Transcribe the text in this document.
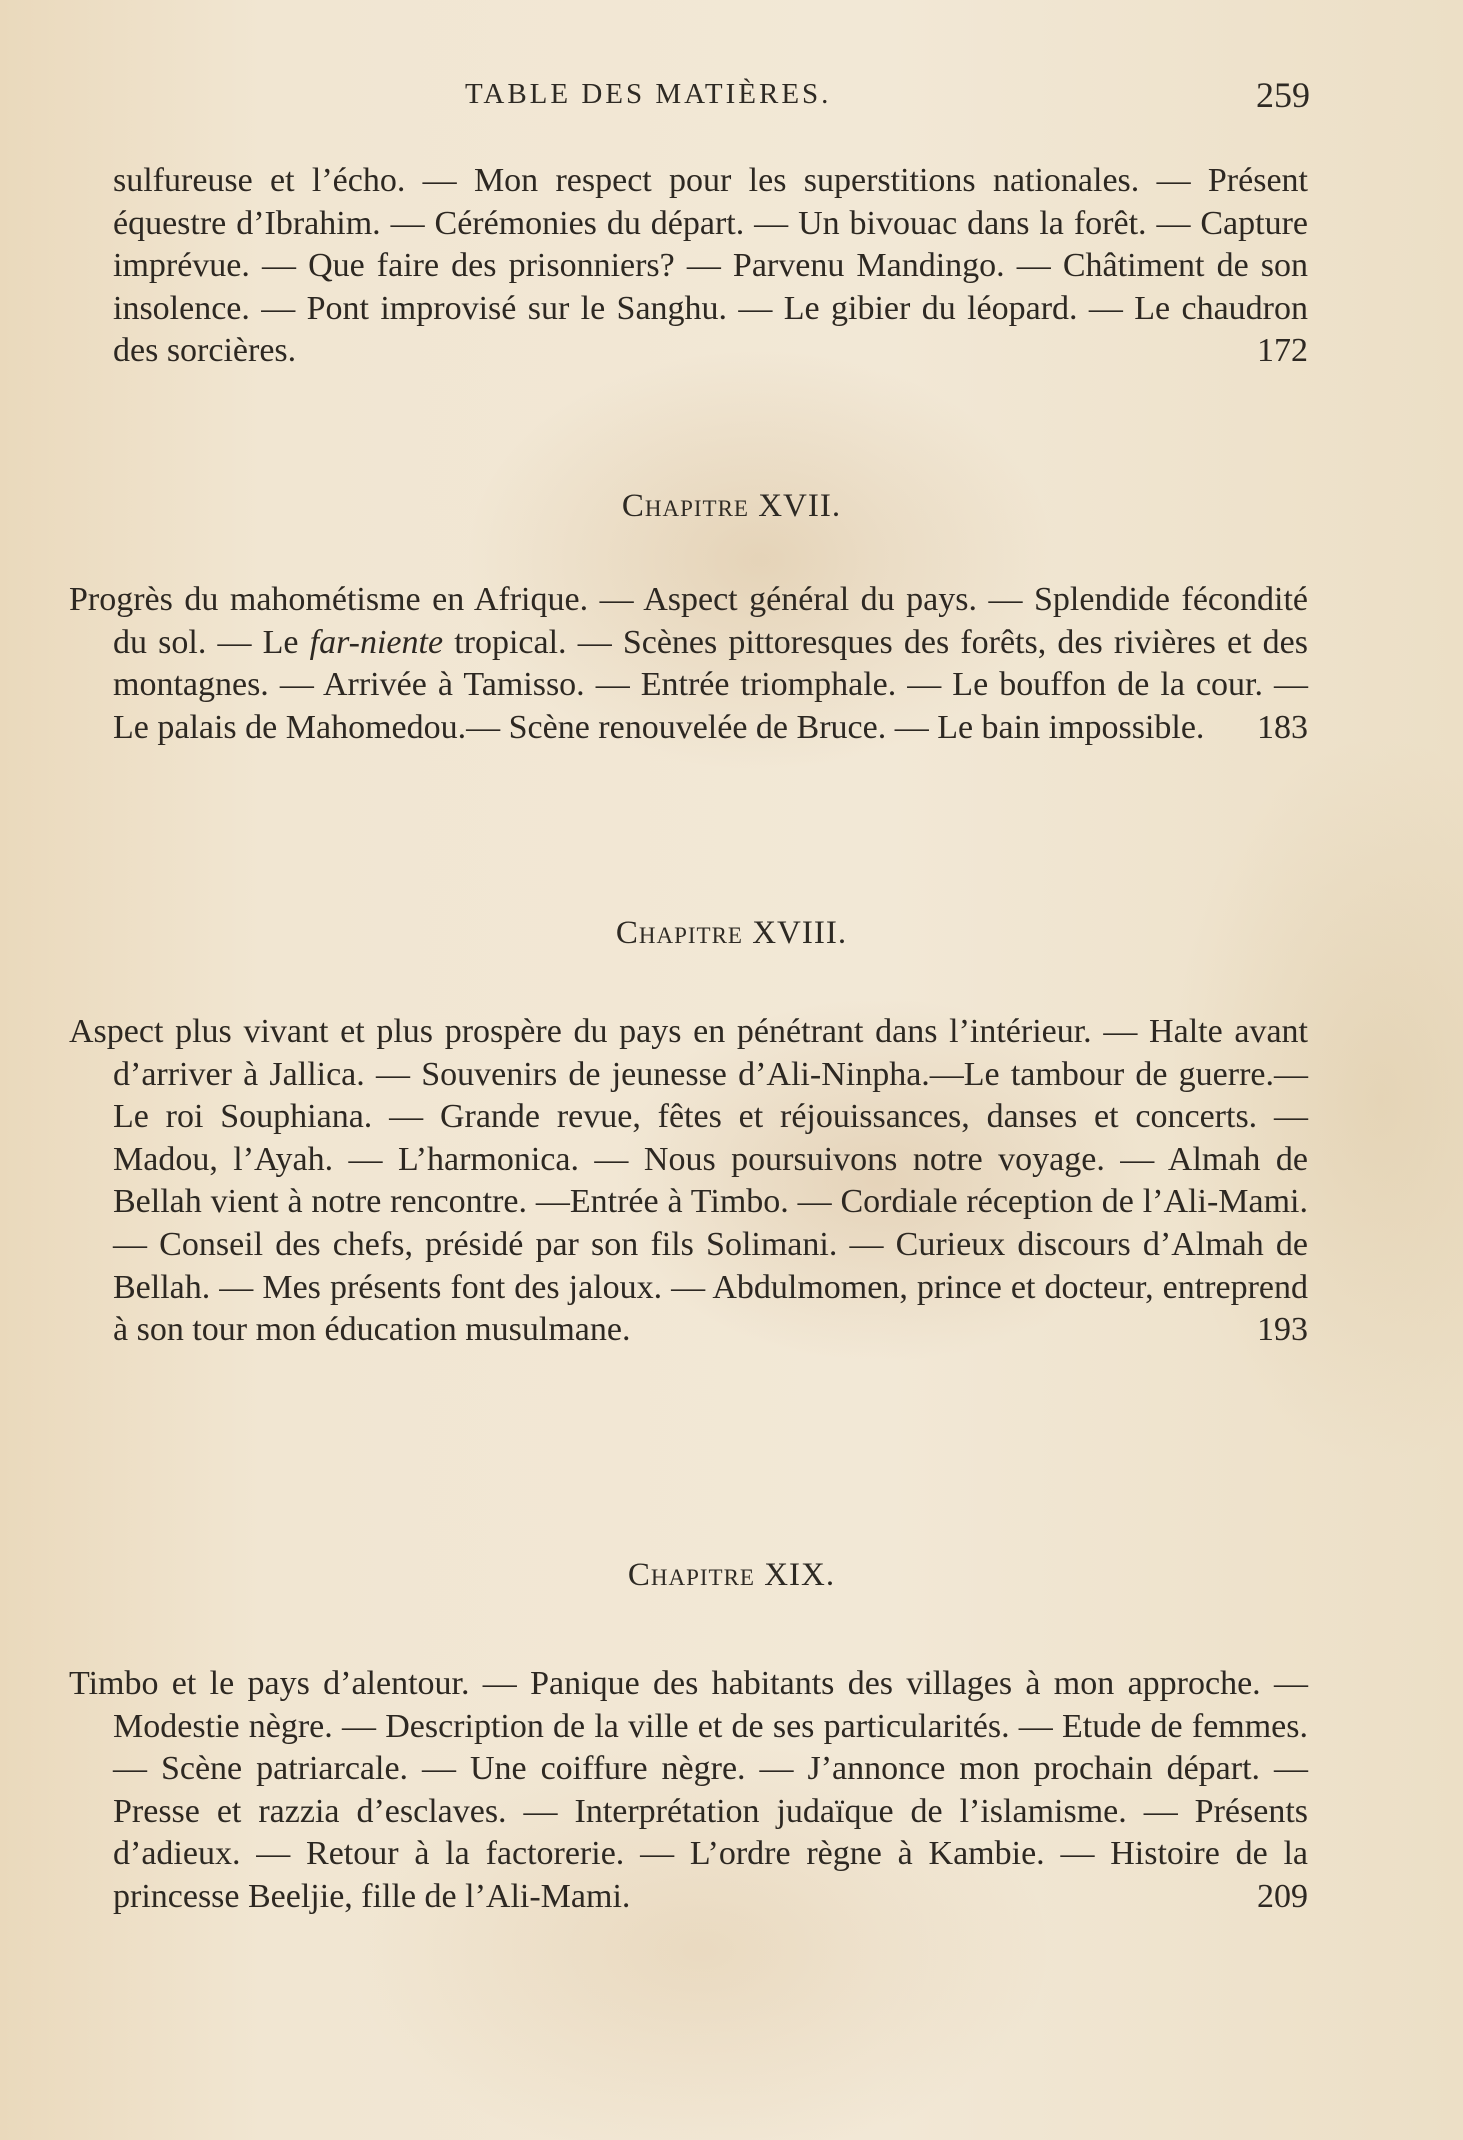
TABLE DES MATIÈRES.	259
sulfureuse et l’écho. — Mon respect pour les superstitions nationales. — Présent équestre d’Ibrahim. — Cérémonies du départ. — Un bivouac dans la forêt. — Capture imprévue. — Que faire des prisonniers? — Parvenu Mandingo. — Châtiment de son insolence. — Pont improvisé sur le Sanghu. — Le gibier du léopard. — Le chaudron des sorcières.	172
Chapitre XVII.
Progrès du mahométisme en Afrique. — Aspect général du pays. — Splendide fécondité du sol. — Le far-niente tropical. — Scènes pittoresques des forêts, des rivières et des montagnes. — Arrivée à Tamisso. — Entrée triomphale. — Le bouffon de la cour. — Le palais de Mahomedou.— Scène renouvelée de Bruce. — Le bain impossible.	183
Chapitre XVIII.
Aspect plus vivant et plus prospère du pays en pénétrant dans l’intérieur. — Halte avant d’arriver à Jallica. — Souvenirs de jeunesse d’Ali-Ninpha.—Le tambour de guerre.—Le roi Souphiana. — Grande revue, fêtes et réjouissances, danses et concerts. — Madou, l’Ayah. — L’harmonica. — Nous poursuivons notre voyage. — Almah de Bellah vient à notre rencontre. —Entrée à Timbo. — Cordiale réception de l’Ali-Mami. — Conseil des chefs, présidé par son fils Solimani. — Curieux discours d’Almah de Bellah. — Mes présents font des jaloux. — Abdulmomen, prince et docteur, entreprend à son tour mon éducation musulmane.	193
Chapitre XIX.
Timbo et le pays d’alentour. — Panique des habitants des villages à mon approche. — Modestie nègre. — Description de la ville et de ses particularités. — Etude de femmes. — Scène patriarcale. — Une coiffure nègre. — J’annonce mon prochain départ. — Presse et razzia d’esclaves. — Interprétation judaïque de l’islamisme. — Présents d’adieux. — Retour à la factorerie. — L’ordre règne à Kambie. — Histoire de la princesse Beeljie, fille de l’Ali-Mami.	209
